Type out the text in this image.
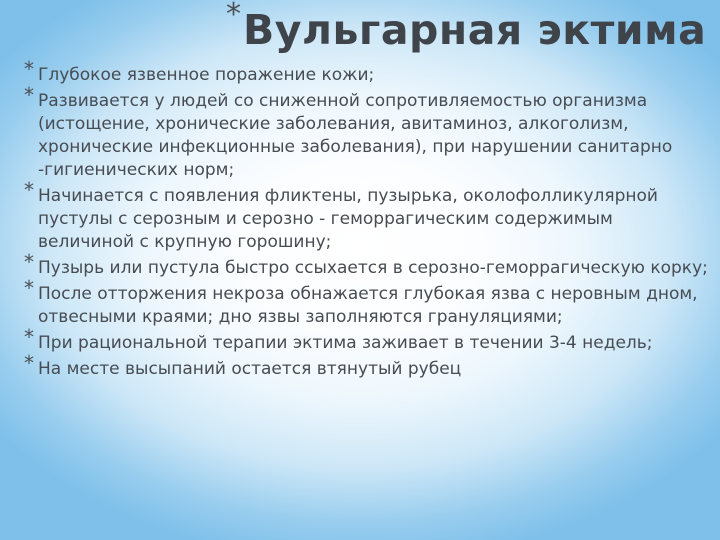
* Вульгарная эктима
* Глубокое язвенное поражение кожи;
* Развивается у людей со сниженной сопротивляемостью организма (истощение, хронические заболевания, авитаминоз, алкоголизм, хронические инфекционные заболевания), при нарушении санитарно -гигиенических норм;
* Начинается с появления фликтены, пузырька, околофолликулярной пустулы с серозным и серозно - геморрагическим содержимым величиной с крупную горошину;
* Пузырь или пустула быстро ссыхается в серозно-геморрагическую корку;
* После отторжения некроза обнажается глубокая язва с неровным дном, отвесными краями; дно язвы заполняются грануляциями;
* При рациональной терапии эктима заживает в течении 3-4 недель;
* На месте высыпаний остается втянутый рубец
